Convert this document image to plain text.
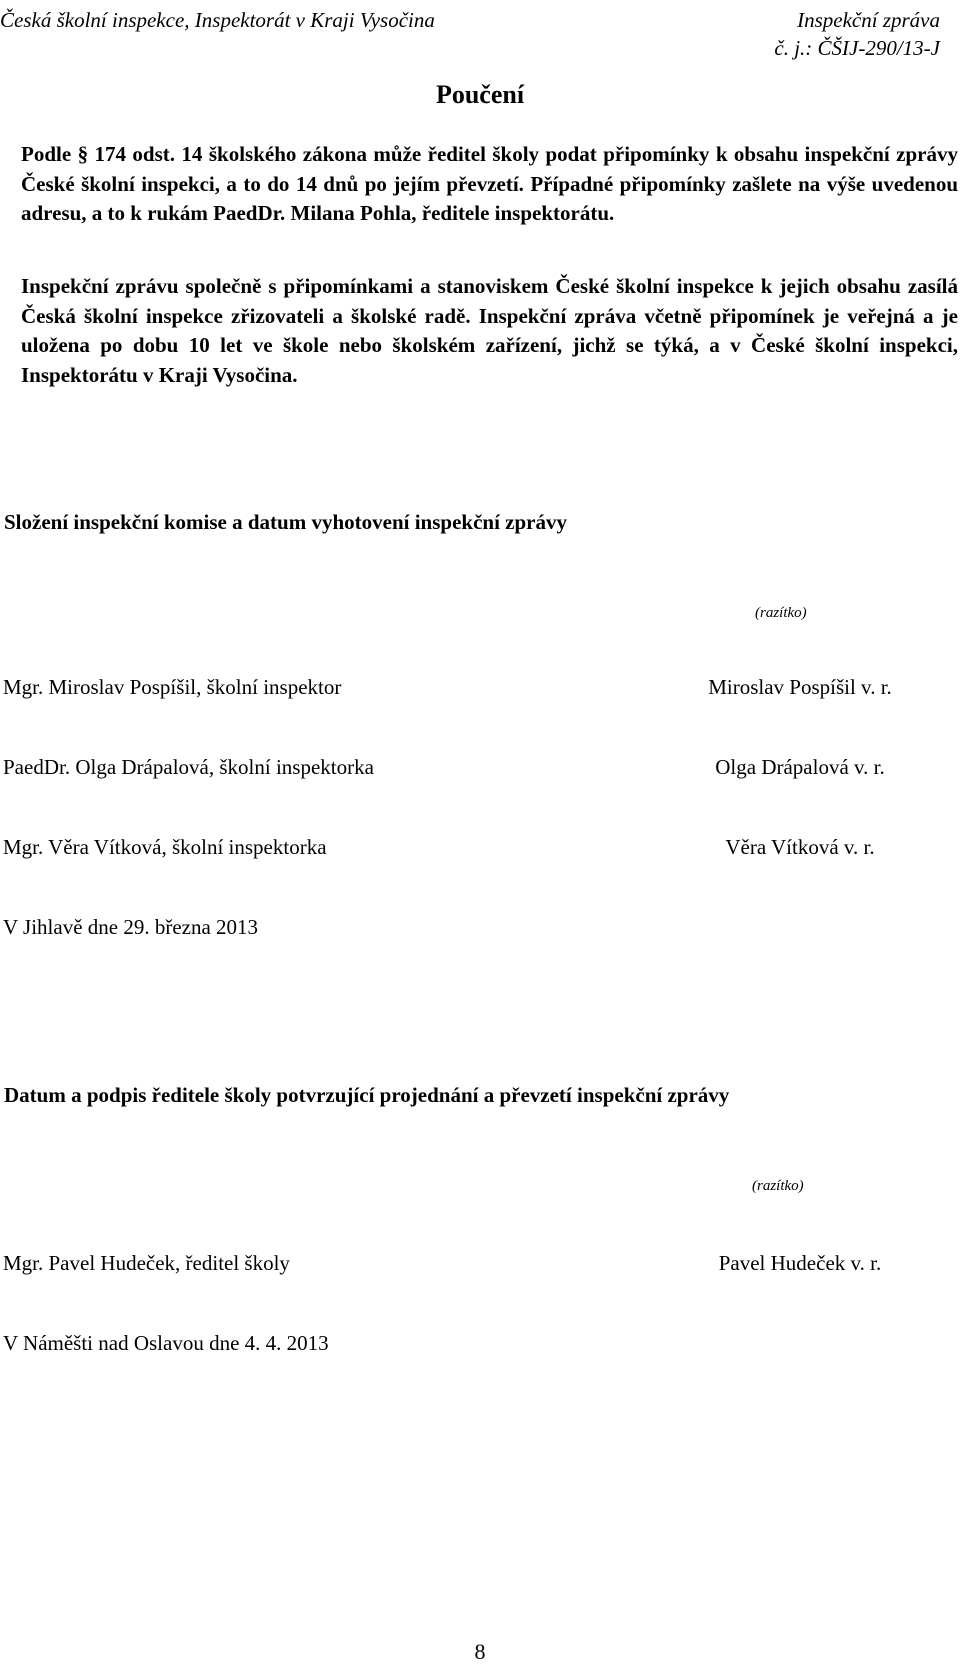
Česká školní inspekce, Inspektorát v Kraji Vysočina	Inspekční zpráva
č. j.: ČŠIJ-290/13-J
Poučení

Podle § 174 odst. 14 školského zákona může ředitel školy podat připomínky k obsahu inspekční zprávy České školní inspekci, a to do 14 dnů po jejím převzetí. Případné připomínky zašlete na výše uvedenou adresu, a to k rukám PaedDr. Milana Pohla, ředitele inspektorátu.

Inspekční zprávu společně s připomínkami a stanoviskem České školní inspekce k jejich obsahu zasílá Česká školní inspekce zřizovateli a školské radě. Inspekční zpráva včetně připomínek je veřejná a je uložena po dobu 10 let ve škole nebo školském zařízení, jichž se týká, a v České školní inspekci, Inspektorátu v Kraji Vysočina.

Složení inspekční komise a datum vyhotovení inspekční zprávy
(razítko)
Mgr. Miroslav Pospíšil, školní inspektor	Miroslav Pospíšil v. r.
PaedDr. Olga Drápalová, školní inspektorka	Olga Drápalová v. r.
Mgr. Věra Vítková, školní inspektorka	Věra Vítková v. r.
V Jihlavě dne 29. března 2013
Datum a podpis ředitele školy potvrzující projednání a převzetí inspekční zprávy
(razítko)
Mgr. Pavel Hudeček, ředitel školy	Pavel Hudeček v. r.
V Náměšti nad Oslavou dne 4. 4. 2013
8
